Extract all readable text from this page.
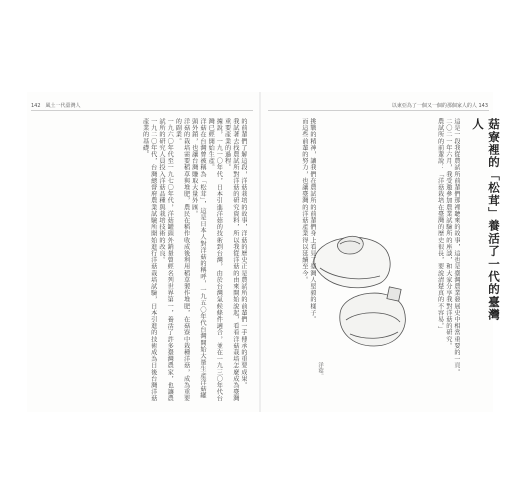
142　風土一代臺灣人	以東亞為了一個又一個的那個家人的人 143

的前輩們了解這段，洋菇栽培的故事，洋菇的歷史正是農試所的前輩們一手傳承的重要成果。

我試著去找農試所對洋菇的研究資料，所以我從洋菇的由來開始說起，看看洋菇栽培怎麼成為臺灣重要產業的過程。

據說，一九一〇年代，日本引進洋菇的技術到台灣，由於台灣氣候條件適合，並在一九三〇年代台灣已經開始生產。

洋菇在台灣曾被稱為「松茸」，這是日本人對洋菇的稱呼，一九五〇年代台灣開始大量生產洋菇罐頭外銷，也讓台灣賺取大量外匯。

洋菇的栽培需要稻草與堆肥，農民在稻作收成後利用稻草製作堆肥，在菇寮中栽種洋菇，成為重要的副業。

一九六〇年代至一九七〇年代，洋菇罐頭外銷量曾經名列世界第一，養活了許多臺灣農家，也讓農試所的研究人員投入洋菇品種與栽培技術的改良。

一九二〇年代，台灣總督府農業試驗所開始進行洋菇栽培試驗，日本引進的技術成為日後台灣洋菇產業的基礎。	菇寮裡的「松茸」養活了一代的臺灣人

這是一段我從農試所前輩們那裡聽來的故事，這也是臺灣農業發展史中相當重要的一頁。

二〇二一年六月，我受邀參加農業試驗所的座談，和大家分享我對洋菇的研究。

農試所的前輩說：「洋菇栽培在臺灣的歷史很長，要說清楚真的不容易。」

洋菇。

挑戰的精神，讓我們在農試所的前輩們身上看見了臺灣人堅毅的樣子。

而這些前輩的努力，也讓臺灣的洋菇產業得以延續至今。
